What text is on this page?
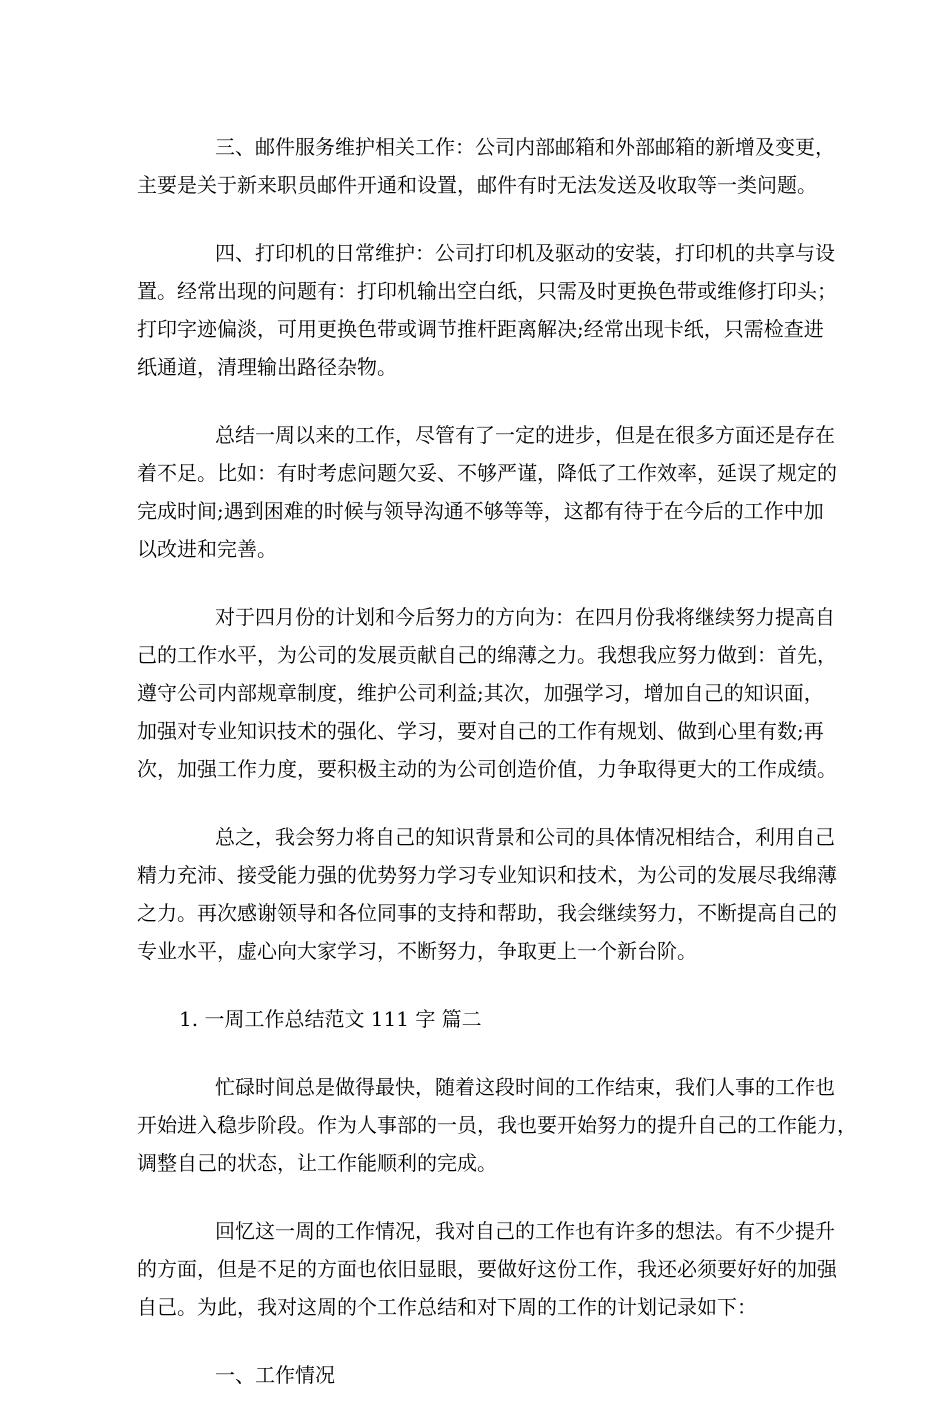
三、邮件服务维护相关工作：公司内部邮箱和外部邮箱的新增及变更，
主要是关于新来职员邮件开通和设置，邮件有时无法发送及收取等一类问题。

四、打印机的日常维护：公司打印机及驱动的安装，打印机的共享与设
置。经常出现的问题有：打印机输出空白纸，只需及时更换色带或维修打印头；
打印字迹偏淡，可用更换色带或调节推杆距离解决;经常出现卡纸，只需检查进
纸通道，清理输出路径杂物。

总结一周以来的工作，尽管有了一定的进步，但是在很多方面还是存在
着不足。比如：有时考虑问题欠妥、不够严谨，降低了工作效率，延误了规定的
完成时间;遇到困难的时候与领导沟通不够等等，这都有待于在今后的工作中加
以改进和完善。

对于四月份的计划和今后努力的方向为：在四月份我将继续努力提高自
己的工作水平，为公司的发展贡献自己的绵薄之力。我想我应努力做到：首先，
遵守公司内部规章制度，维护公司利益;其次，加强学习，增加自己的知识面，
加强对专业知识技术的强化、学习，要对自己的工作有规划、做到心里有数;再
次，加强工作力度，要积极主动的为公司创造价值，力争取得更大的工作成绩。

总之，我会努力将自己的知识背景和公司的具体情况相结合，利用自己
精力充沛、接受能力强的优势努力学习专业知识和技术，为公司的发展尽我绵薄
之力。再次感谢领导和各位同事的支持和帮助，我会继续努力，不断提高自己的
专业水平，虚心向大家学习，不断努力，争取更上一个新台阶。

1. 一周工作总结范文 111 字 篇二

忙碌时间总是做得最快，随着这段时间的工作结束，我们人事的工作也
开始进入稳步阶段。作为人事部的一员，我也要开始努力的提升自己的工作能力，
调整自己的状态，让工作能顺利的完成。

回忆这一周的工作情况，我对自己的工作也有许多的想法。有不少提升
的方面，但是不足的方面也依旧显眼，要做好这份工作，我还必须要好好的加强
自己。为此，我对这周的个工作总结和对下周的工作的计划记录如下：

一、工作情况
